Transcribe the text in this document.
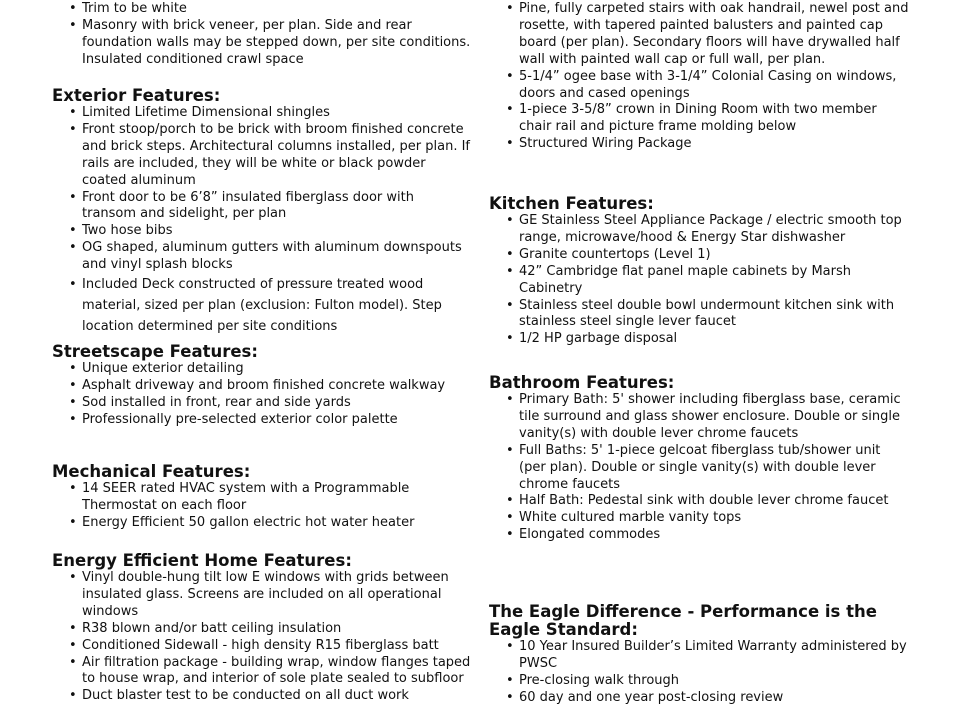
• Trim to be white
• Masonry with brick veneer, per plan. Side and rear foundation walls may be stepped down, per site conditions. Insulated conditioned crawl space
Exterior Features:
• Limited Lifetime Dimensional shingles
• Front stoop/porch to be brick with broom finished concrete and brick steps. Architectural columns installed, per plan. If rails are included, they will be white or black powder coated aluminum
• Front door to be 6’8” insulated fiberglass door with transom and sidelight, per plan
• Two hose bibs
• OG shaped, aluminum gutters with aluminum downspouts and vinyl splash blocks
• Included Deck constructed of pressure treated wood material, sized per plan (exclusion: Fulton model). Step location determined per site conditions
Streetscape Features:
• Unique exterior detailing
• Asphalt driveway and broom finished concrete walkway
• Sod installed in front, rear and side yards
• Professionally pre-selected exterior color palette
Mechanical Features:
• 14 SEER rated HVAC system with a Programmable Thermostat on each floor
• Energy Efficient 50 gallon electric hot water heater
Energy Efficient Home Features:
• Vinyl double-hung tilt low E windows with grids between insulated glass. Screens are included on all operational windows
• R38 blown and/or batt ceiling insulation
• Conditioned Sidewall - high density R15 fiberglass batt
• Air filtration package - building wrap, window flanges taped to house wrap, and interior of sole plate sealed to subfloor
• Duct blaster test to be conducted on all duct work
• Pine, fully carpeted stairs with oak handrail, newel post and rosette, with tapered painted balusters and painted cap board (per plan). Secondary floors will have drywalled half wall with painted wall cap or full wall, per plan.
• 5-1/4” ogee base with 3-1/4” Colonial Casing on windows, doors and cased openings
• 1-piece 3-5/8” crown in Dining Room with two member chair rail and picture frame molding below
• Structured Wiring Package
Kitchen Features:
• GE Stainless Steel Appliance Package / electric smooth top range, microwave/hood & Energy Star dishwasher
• Granite countertops (Level 1)
• 42” Cambridge flat panel maple cabinets by Marsh Cabinetry
• Stainless steel double bowl undermount kitchen sink with stainless steel single lever faucet
• 1/2 HP garbage disposal
Bathroom Features:
• Primary Bath: 5' shower including fiberglass base, ceramic tile surround and glass shower enclosure. Double or single vanity(s) with double lever chrome faucets
• Full Baths: 5' 1-piece gelcoat fiberglass tub/shower unit (per plan). Double or single vanity(s) with double lever chrome faucets
• Half Bath: Pedestal sink with double lever chrome faucet
• White cultured marble vanity tops
• Elongated commodes
The Eagle Difference - Performance is the Eagle Standard:
• 10 Year Insured Builder’s Limited Warranty administered by PWSC
• Pre-closing walk through
• 60 day and one year post-closing review
